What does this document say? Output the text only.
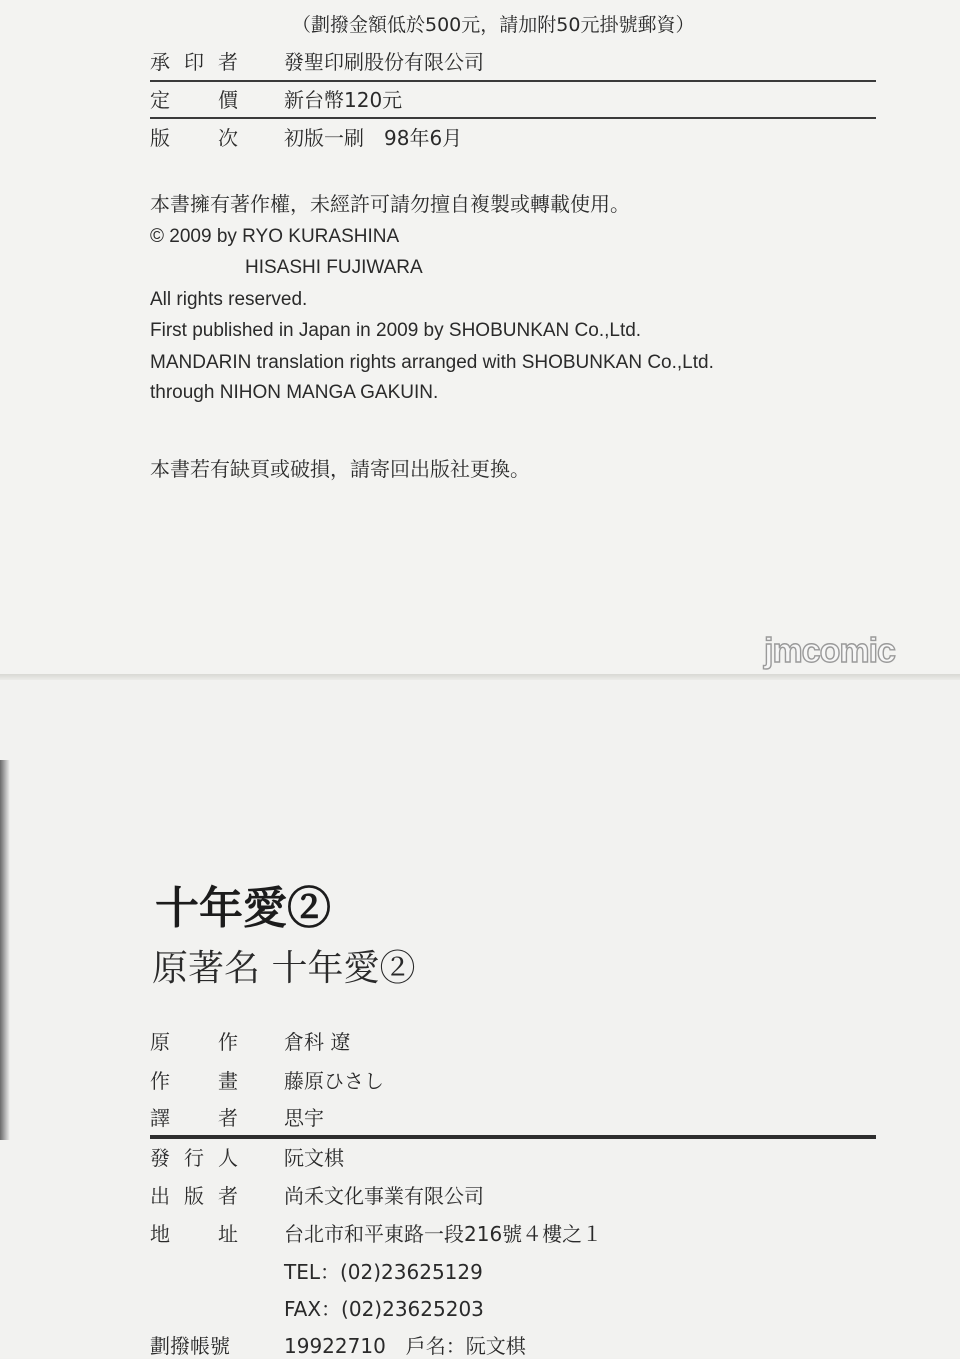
（劃撥金額低於500元，請加附50元掛號郵資）
承 印 者 發聖印刷股份有限公司
定 價 新台幣120元
版 次 初版一刷　98年6月
本書擁有著作權，未經許可請勿擅自複製或轉載使用。
© 2009 by RYO KURASHINA
HISASHI FUJIWARA
All rights reserved.
First published in Japan in 2009 by SHOBUNKAN Co.,Ltd.
MANDARIN translation rights arranged with SHOBUNKAN Co.,Ltd.
through NIHON MANGA GAKUIN.
本書若有缺頁或破損，請寄回出版社更換。
jmcomic
十年愛②
原著名 十年愛②
原 作 倉科 遼
作 畫 藤原ひさし
譯 者 思宇
發 行 人 阮文棋
出 版 者 尚禾文化事業有限公司
地 址 台北市和平東路一段216號４樓之１
TEL：(02)23625129
FAX：(02)23625203
劃撥帳號	19922710　戶名：阮文棋
